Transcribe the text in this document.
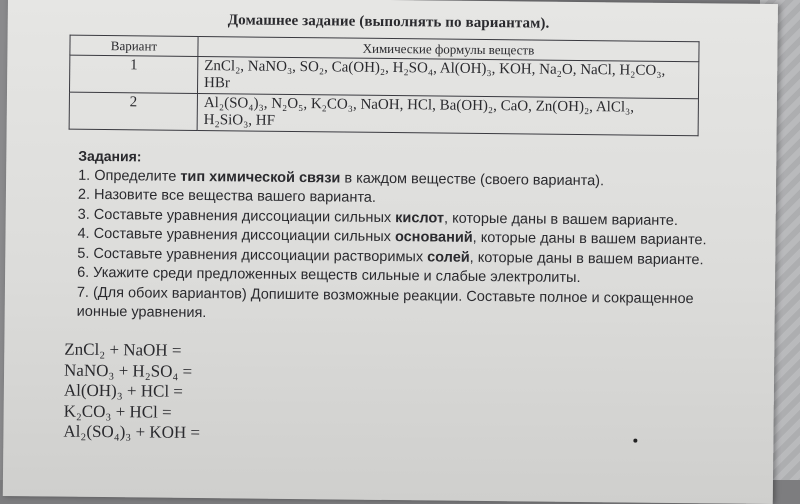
Домашнее задание (выполнять по вариантам).
Вариант	Химические формулы веществ
1	ZnCl₂, NaNO₃, SO₂, Ca(OH)₂, H₂SO₄, Al(OH)₃, KOH, Na₂O, NaCl, H₂CO₃,
HBr

2	Al₂(SO₄)₃, N₂O₅, K₂CO₃, NaOH, HCl, Ba(OH)₂, CaO, Zn(OH)₂, AlCl₃,
H₂SiO₃, HF
Задания:
1. Определите тип химической связи в каждом веществе (своего варианта).
2. Назовите все вещества вашего варианта.
3. Составьте уравнения диссоциации сильных кислот, которые даны в вашем варианте.
4. Составьте уравнения диссоциации сильных оснований, которые даны в вашем варианте.
5. Составьте уравнения диссоциации растворимых солей, которые даны в вашем варианте.
6. Укажите среди предложенных веществ сильные и слабые электролиты.
7. (Для обоих вариантов) Допишите возможные реакции. Составьте полное и сокращенное ионные уравнения.
ZnCl₂ + NaOH =
NaNO₃ + H₂SO₄ =
Al(OH)₃ + HCl =
K₂CO₃ + HCl =
Al₂(SO₄)₃ + KOH =
